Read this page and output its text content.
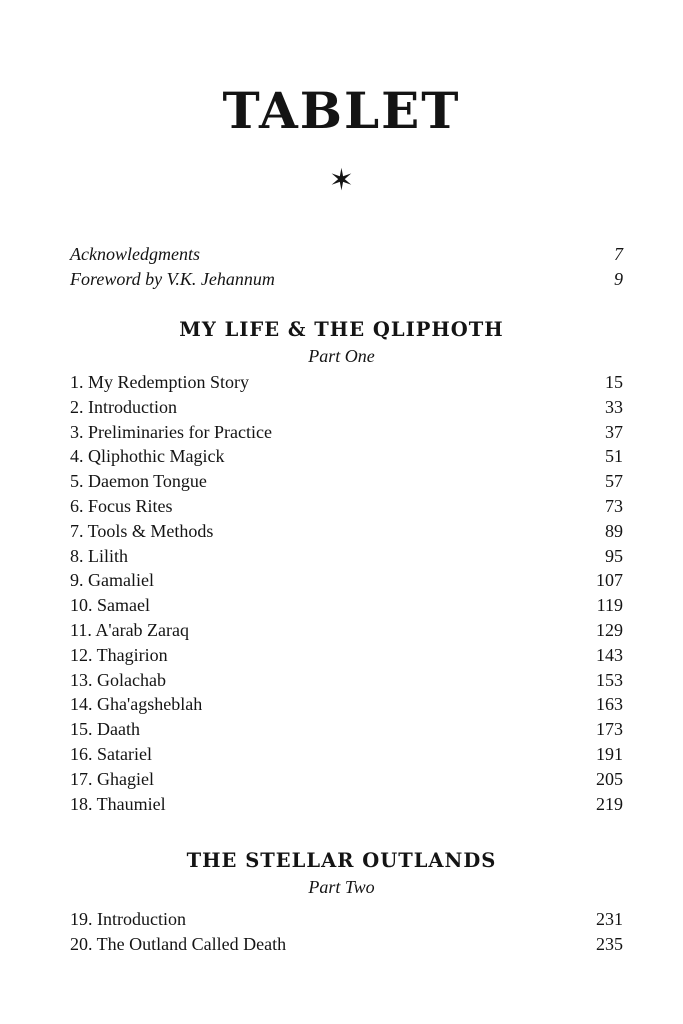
TABLET
✶
Acknowledgments	7
Foreword by V.K. Jehannum	9
MY LIFE & THE QLIPHOTH
Part One
1. My Redemption Story	15
2. Introduction	33
3. Preliminaries for Practice	37
4. Qliphothic Magick	51
5. Daemon Tongue	57
6. Focus Rites	73
7. Tools & Methods	89
8. Lilith	95
9. Gamaliel	107
10. Samael	119
11. A'arab Zaraq	129
12. Thagirion	143
13. Golachab	153
14. Gha'agsheblah	163
15. Daath	173
16. Satariel	191
17. Ghagiel	205
18. Thaumiel	219
THE STELLAR OUTLANDS
Part Two
19. Introduction	231
20. The Outland Called Death	235
